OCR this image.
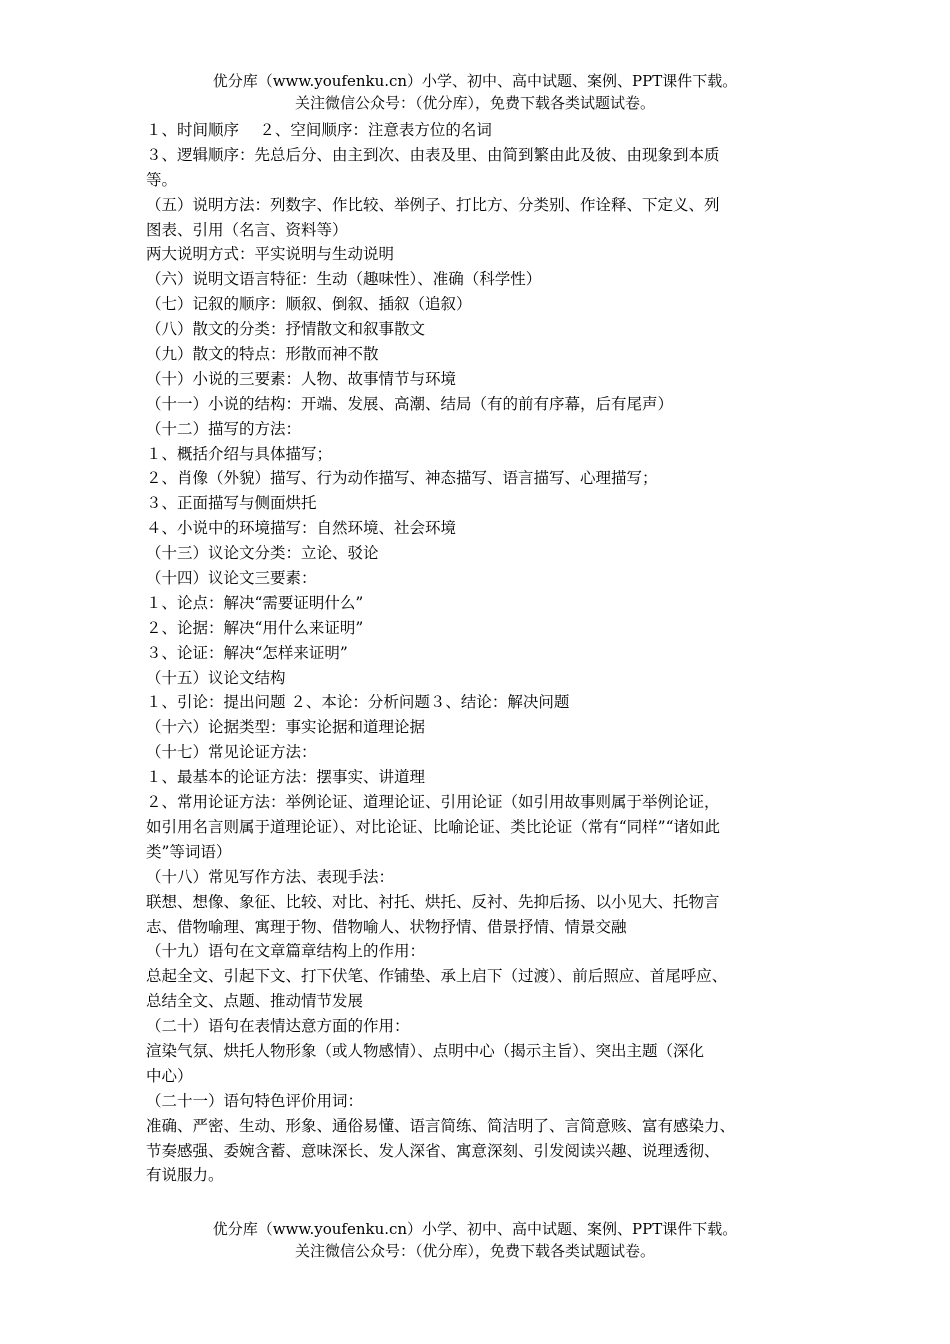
优分库（www.youfenku.cn）小学、初中、高中试题、案例、PPT课件下载。
关注微信公众号：（优分库），免费下载各类试题试卷。
１、时间顺序　 ２、空间顺序：注意表方位的名词
３、逻辑顺序：先总后分、由主到次、由表及里、由简到繁由此及彼、由现象到本质
等。
（五）说明方法：列数字、作比较、举例子、打比方、分类别、作诠释、下定义、列
图表、引用（名言、资料等）
两大说明方式：平实说明与生动说明
（六）说明文语言特征：生动（趣味性）、准确（科学性）
（七）记叙的顺序：顺叙、倒叙、插叙（追叙）
（八）散文的分类：抒情散文和叙事散文
（九）散文的特点：形散而神不散
（十）小说的三要素：人物、故事情节与环境
（十一）小说的结构：开端、发展、高潮、结局（有的前有序幕，后有尾声）
（十二）描写的方法：
１、概括介绍与具体描写；
２、肖像（外貌）描写、行为动作描写、神态描写、语言描写、心理描写；
３、正面描写与侧面烘托
４、小说中的环境描写：自然环境、社会环境
（十三）议论文分类：立论、驳论
（十四）议论文三要素：
１、论点：解决“需要证明什么”
２、论据：解决“用什么来证明”
３、论证：解决“怎样来证明”
（十五）议论文结构
１、引论：提出问题 ２、本论：分析问题３、结论：解决问题
（十六）论据类型：事实论据和道理论据
（十七）常见论证方法：
１、最基本的论证方法：摆事实、讲道理
２、常用论证方法：举例论证、道理论证、引用论证（如引用故事则属于举例论证，
如引用名言则属于道理论证）、对比论证、比喻论证、类比论证（常有“同样”“诸如此
类”等词语）
（十八）常见写作方法、表现手法：
联想、想像、象征、比较、对比、衬托、烘托、反衬、先抑后扬、以小见大、托物言
志、借物喻理、寓理于物、借物喻人、状物抒情、借景抒情、情景交融
（十九）语句在文章篇章结构上的作用：
总起全文、引起下文、打下伏笔、作铺垫、承上启下（过渡）、前后照应、首尾呼应、
总结全文、点题、推动情节发展
（二十）语句在表情达意方面的作用：
渲染气氛、烘托人物形象（或人物感情）、点明中心（揭示主旨）、突出主题（深化
中心）
（二十一）语句特色评价用词：
准确、严密、生动、形象、通俗易懂、语言简练、简洁明了、言简意赅、富有感染力、
节奏感强、委婉含蓄、意味深长、发人深省、寓意深刻、引发阅读兴趣、说理透彻、
有说服力。
优分库（www.youfenku.cn）小学、初中、高中试题、案例、PPT课件下载。
关注微信公众号：（优分库），免费下载各类试题试卷。
